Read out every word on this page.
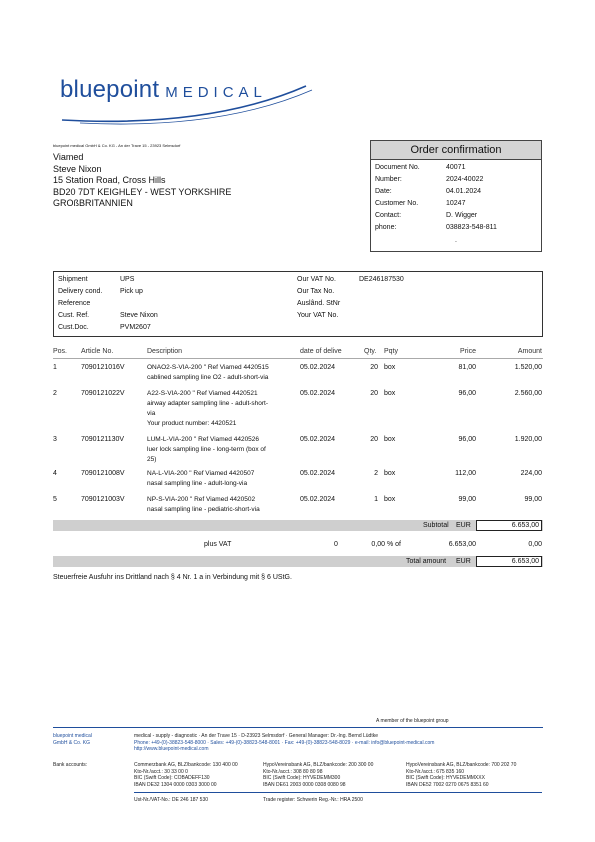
bluepoint MEDICAL
bluepoint medical GmbH & Co. KG - An der Trave 15 - 23923 Selmsdorf
Viamed
Steve Nixon
15 Station Road, Cross Hills
BD20 7DT KEIGHLEY - WEST YORKSHIRE
GROßBRITANNIEN
Order confirmation
Document No.	40071
Number:	2024-40022
Date:	04.01.2024
Customer No.	10247
Contact:	D. Wigger
phone:	038823-548-811
.
Shipment	UPS
Delivery cond.	Pick up
Reference
Cust. Ref.	Steve Nixon
Cust.Doc.	PVM2607
Our VAT No.	DE246187530
Our Tax No.
Auslând. StNr
Your VAT No.
Pos. Article No.	Description	date of delive	Qty. Pqty	Price	Amount
1	7090121016V	ONAO2-S-VIA-200 " Ref Viamed 4420515
cablined sampling line O2 - adult-short-via
05.02.2024	20 box	81,00	1.520,00
2	7090121022V	A22-S-VIA-200 " Ref Viamed 4420521
airway adapter sampling line - adult-short-
via
Your product number: 4420521
05.02.2024	20 box	96,00	2.560,00
3	7090121130V	LUM-L-VIA-200 " Ref Viamed 4420526
luer lock sampling line - long-term (box of
25)
05.02.2024	20 box	96,00	1.920,00
4	7090121008V	NA-L-VIA-200 " Ref Viamed 4420507
nasal sampling line - adult-long-via
05.02.2024	2 box	112,00	224,00
5	7090121003V	NP-S-VIA-200 " Ref Viamed 4420502
nasal sampling line - pediatric-short-via
05.02.2024	1 box	99,00	99,00
Subtotal EUR	6.653,00
plus VAT	0	0,00 % of	6.653,00	0,00
Total amount EUR	6.653,00
Steuerfreie Ausfuhr ins Drittland nach § 4 Nr. 1 a in Verbindung mit § 6 UStG.
A member of the bluepoint group
bluepoint medical
GmbH & Co. KG
medical - supply - diagnostic · An der Trave 15 · D-23923 Selmsdorf · General Manager: Dr.-Ing. Bernd Lüdtke
Phone: +49-(0)-38823-548-8000 · Sales: +49-(0)-38823-548-8001 · Fax: +49-(0)-38823-548-8029 · e-mail: info@bluepoint-medical.com
http://www.bluepoint-medical.com
Bank accounts:	Commerzbank AG, BLZ/bankcode: 130 400 00
Kto-Nr./acct.: 30 33 00 0
BIC (Swift Code): COBADEFF130
IBAN DE32 1304 0000 0303 3000 00
HypoVereinsbank AG, BLZ/bankcode: 200 300 00
Kto-Nr./acct.: 308 80 80 98
BIC (Swift Code): HYVEDEMM300
IBAN DE61 2003 0000 0308 0080 98
HypoVereinsbank AG, BLZ/bankcode: 700 202 70
Kto-Nr./acct.: 675 835 160
BIC (Swift Code): HYVEDEMMXXX
IBAN DE52 7002 0270 0675 8351 60
Ust-Nr./VAT-No.: DE 246 187 530	Trade register: Schwerin Reg.-Nr.: HRA 2500
